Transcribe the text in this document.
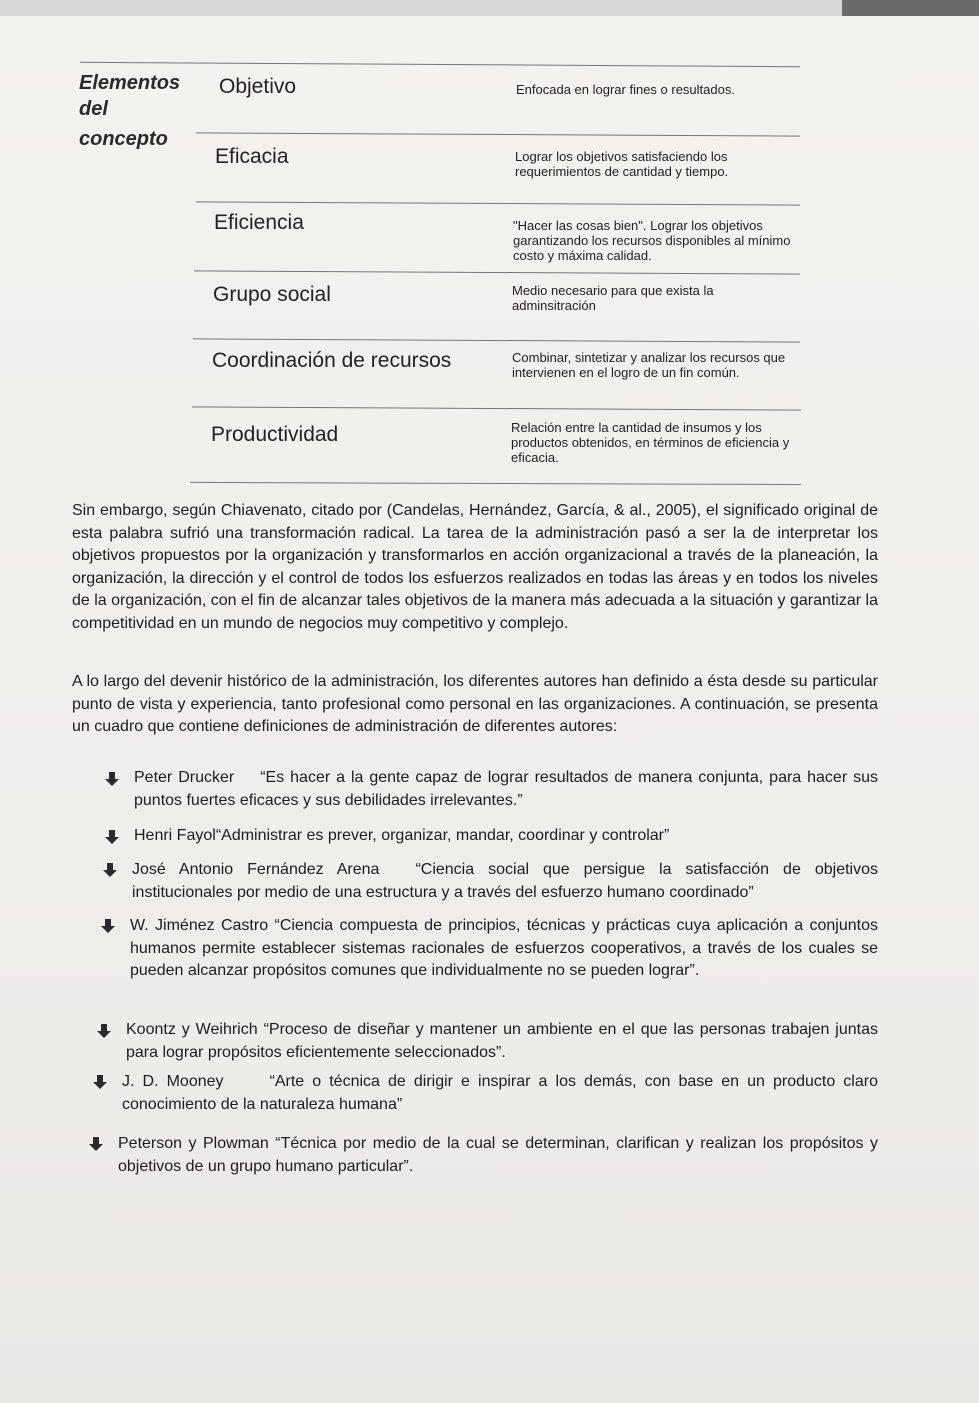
Elementos
del
concepto
Objetivo	Enfocada en lograr fines o resultados.
Eficacia	Lograr los objetivos satisfaciendo los requerimientos de cantidad y tiempo.
Eficiencia	"Hacer las cosas bien". Lograr los objetivos garantizando los recursos disponibles al mínimo costo y máxima calidad.
Grupo social	Medio necesario para que exista la adminsitración
Coordinación de recursos	Combinar, sintetizar y analizar los recursos que intervienen en el logro de un fin común.
Productividad	Relación entre la cantidad de insumos y los productos obtenidos, en términos de eficiencia y eficacia.
Sin embargo, según Chiavenato, citado por (Candelas, Hernández, García, & al., 2005), el significado original de esta palabra sufrió una transformación radical. La tarea de la administración pasó a ser la de interpretar los objetivos propuestos por la organización y transformarlos en acción organizacional a través de la planeación, la organización, la dirección y el control de todos los esfuerzos realizados en todas las áreas y en todos los niveles de la organización, con el fin de alcanzar tales objetivos de la manera más adecuada a la situación y garantizar la competitividad en un mundo de negocios muy competitivo y complejo.
A lo largo del devenir histórico de la administración, los diferentes autores han definido a ésta desde su particular punto de vista y experiencia, tanto profesional como personal en las organizaciones. A continuación, se presenta un cuadro que contiene definiciones de administración de diferentes autores:
Peter Drucker “Es hacer a la gente capaz de lograr resultados de manera conjunta, para hacer sus puntos fuertes eficaces y sus debilidades irrelevantes.”
Henri Fayol“Administrar es prever, organizar, mandar, coordinar y controlar”
José Antonio Fernández Arena “Ciencia social que persigue la satisfacción de objetivos institucionales por medio de una estructura y a través del esfuerzo humano coordinado”
W. Jiménez Castro “Ciencia compuesta de principios, técnicas y prácticas cuya aplicación a conjuntos humanos permite establecer sistemas racionales de esfuerzos cooperativos, a través de los cuales se pueden alcanzar propósitos comunes que individualmente no se pueden lograr”.
Koontz y Weihrich “Proceso de diseñar y mantener un ambiente en el que las personas trabajen juntas para lograr propósitos eficientemente seleccionados”.
J. D. Mooney	“Arte o técnica de dirigir e inspirar a los demás, con base en un producto claro conocimiento de la naturaleza humana”
Peterson y Plowman “Técnica por medio de la cual se determinan, clarifican y realizan los propósitos y objetivos de un grupo humano particular”.
